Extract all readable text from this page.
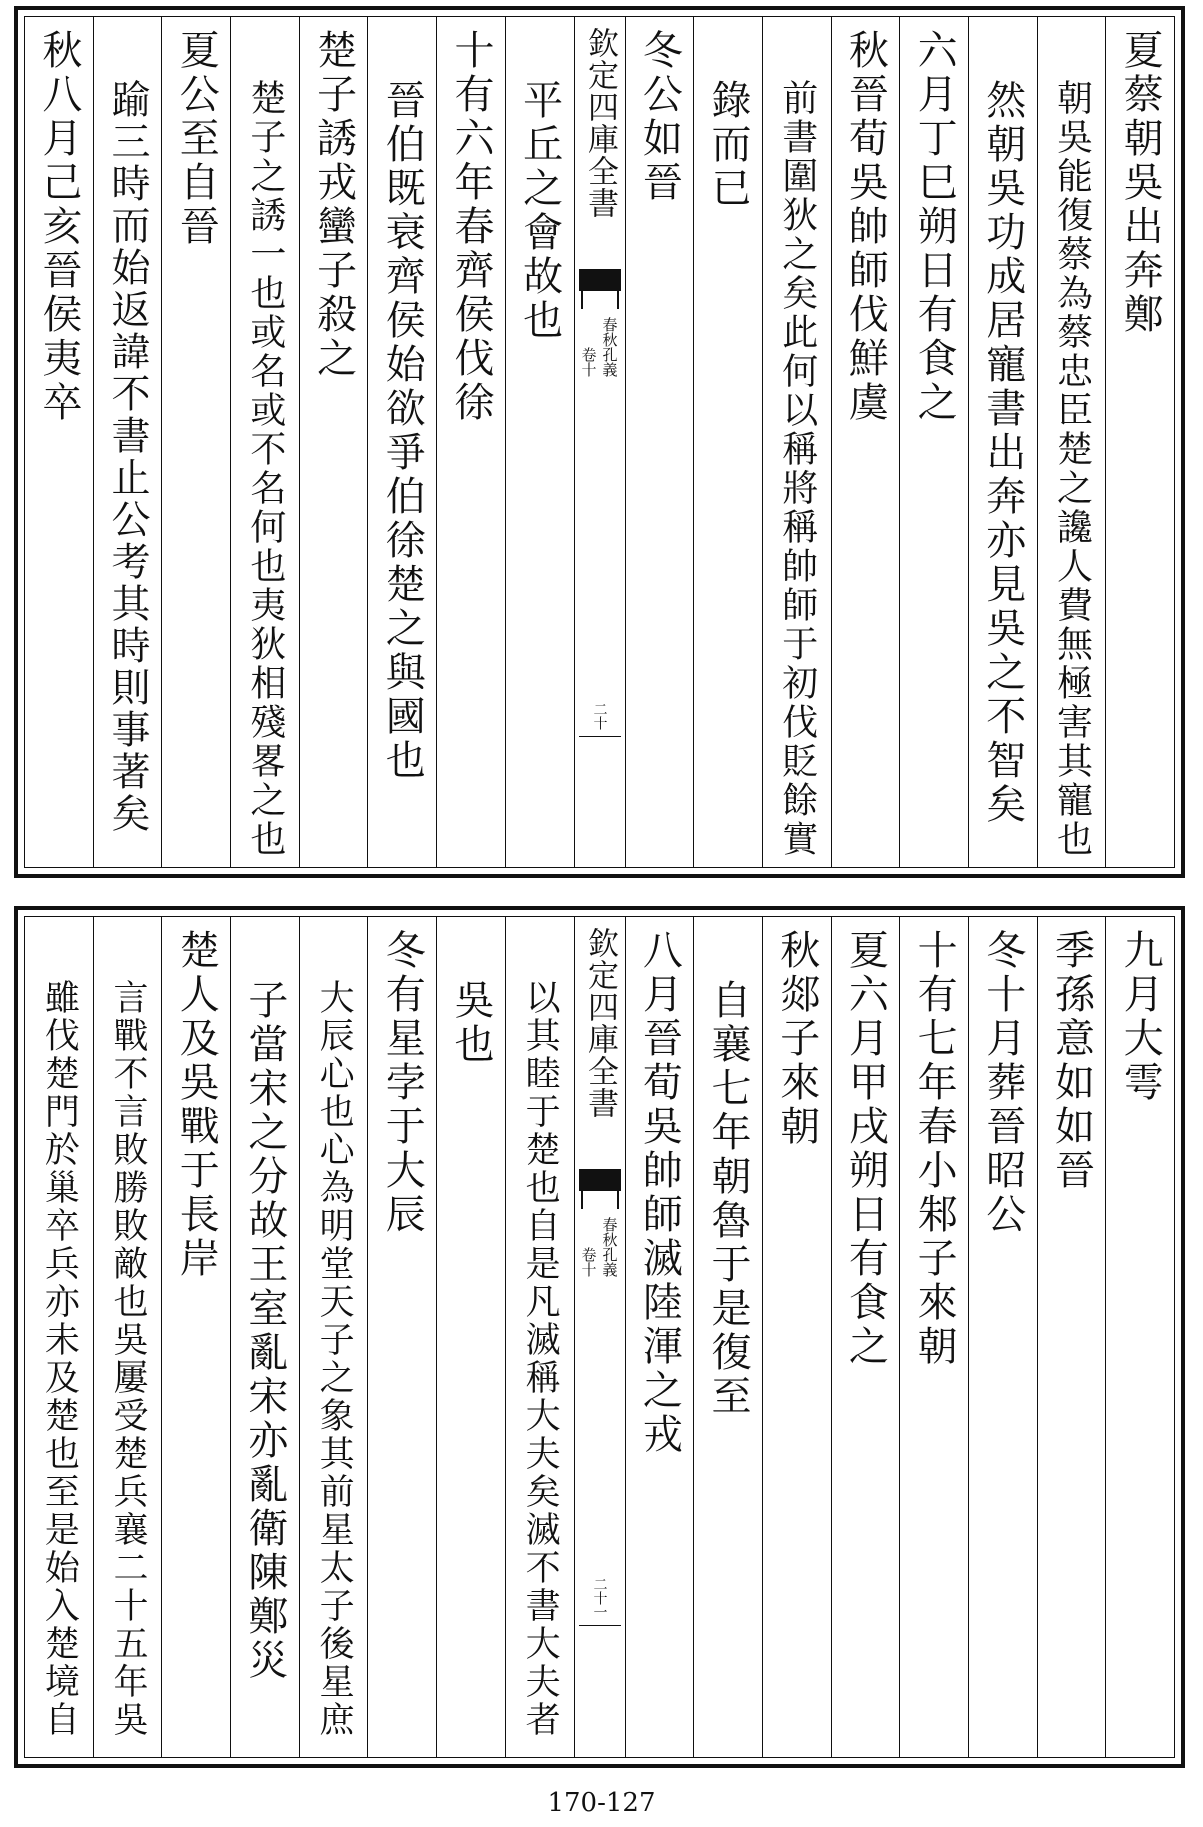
夏蔡朝吳出奔鄭
朝吳能復蔡為蔡忠臣楚之讒人費無極害其寵也
然朝吳功成居寵書出奔亦見吳之不智矣
六月丁巳朔日有食之
秋晉荀吳帥師伐鮮虞
前書圍狄之矣此何以稱將稱帥師于初伐貶餘實
錄而已
冬公如晉
欽定四庫全書
春秋孔義
卷十
二十
平丘之會故也
十有六年春齊侯伐徐
晉伯既衰齊侯始欲爭伯徐楚之與國也
楚子誘戎蠻子殺之
楚子之誘一也或名或不名何也夷狄相殘畧之也
夏公至自晉
踰三時而始返諱不書止公考其時則事著矣
秋八月己亥晉侯夷卒
九月大雩
季孫意如如晉
冬十月葬晉昭公
十有七年春小邾子來朝
夏六月甲戌朔日有食之
秋郯子來朝
自襄七年朝魯于是復至
八月晉荀吳帥師滅陸渾之戎
欽定四庫全書
春秋孔義
卷十
二十一
以其睦于楚也自是凡滅稱大夫矣滅不書大夫者
吳也
冬有星孛于大辰
大辰心也心為明堂天子之象其前星太子後星庶
子當宋之分故王室亂宋亦亂衛陳鄭災
楚人及吳戰于長岸
言戰不言敗勝敗敵也吳屢受楚兵襄二十五年吳
雖伐楚門於巢卒兵亦未及楚也至是始入楚境自
170-127
